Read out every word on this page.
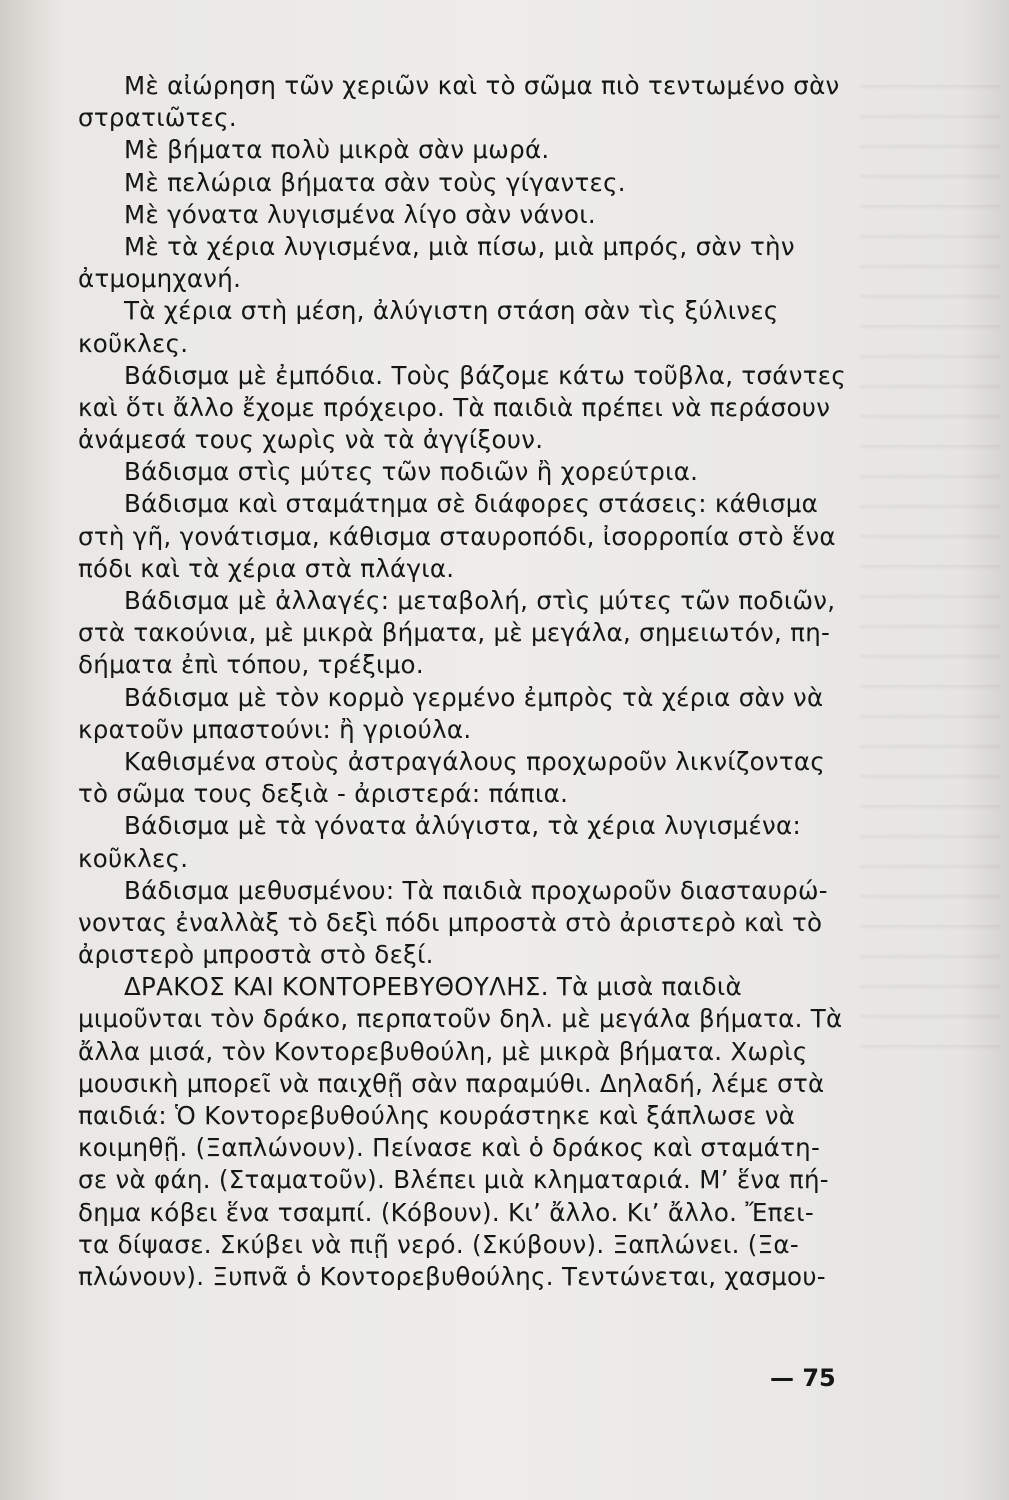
Μὲ αἰώρηση τῶν χεριῶν καὶ τὸ σῶμα πιὸ τεντωμένο σὰν
στρατιῶτες.
Μὲ βήματα πολὺ μικρὰ σὰν μωρά.
Μὲ πελώρια βήματα σὰν τοὺς γίγαντες.
Μὲ γόνατα λυγισμένα λίγο σὰν νάνοι.
Μὲ τὰ χέρια λυγισμένα, μιὰ πίσω, μιὰ μπρός, σὰν τὴν
ἀτμομηχανή.
Τὰ χέρια στὴ μέση, ἀλύγιστη στάση σὰν τὶς ξύλινες
κοῦκλες.
Βάδισμα μὲ ἐμπόδια. Τοὺς βάζομε κάτω τοῦβλα, τσάντες
καὶ ὅτι ἄλλο ἔχομε πρόχειρο. Τὰ παιδιὰ πρέπει νὰ περάσουν
ἀνάμεσά τους χωρὶς νὰ τὰ ἀγγίξουν.
Βάδισμα στὶς μύτες τῶν ποδιῶν ἢ χορεύτρια.
Βάδισμα καὶ σταμάτημα σὲ διάφορες στάσεις: κάθισμα
στὴ γῆ, γονάτισμα, κάθισμα σταυροπόδι, ἰσορροπία στὸ ἕνα
πόδι καὶ τὰ χέρια στὰ πλάγια.
Βάδισμα μὲ ἀλλαγές: μεταβολή, στὶς μύτες τῶν ποδιῶν,
στὰ τακούνια, μὲ μικρὰ βήματα, μὲ μεγάλα, σημειωτόν, πη-
δήματα ἐπὶ τόπου, τρέξιμο.
Βάδισμα μὲ τὸν κορμὸ γερμένο ἐμπρὸς τὰ χέρια σὰν νὰ
κρατοῦν μπαστούνι: ἢ γριούλα.
Καθισμένα στοὺς ἀστραγάλους προχωροῦν λικνίζοντας
τὸ σῶμα τους δεξιὰ - ἀριστερά: πάπια.
Βάδισμα μὲ τὰ γόνατα ἀλύγιστα, τὰ χέρια λυγισμένα:
κοῦκλες.
Βάδισμα μεθυσμένου: Τὰ παιδιὰ προχωροῦν διασταυρώ-
νοντας ἐναλλὰξ τὸ δεξὶ πόδι μπροστὰ στὸ ἀριστερὸ καὶ τὸ
ἀριστερὸ μπροστὰ στὸ δεξί.
ΔΡΑΚΟΣ ΚΑΙ ΚΟΝΤΟΡΕΒΥΘΟΥΛΗΣ. Τὰ μισὰ παιδιὰ
μιμοῦνται τὸν δράκο, περπατοῦν δηλ. μὲ μεγάλα βήματα. Τὰ
ἄλλα μισά, τὸν Κοντορεβυθούλη, μὲ μικρὰ βήματα. Χωρὶς
μουσικὴ μπορεῖ νὰ παιχθῇ σὰν παραμύθι. Δηλαδή, λέμε στὰ
παιδιά: Ὁ Κοντορεβυθούλης κουράστηκε καὶ ξάπλωσε νὰ
κοιμηθῇ. (Ξαπλώνουν). Πείνασε καὶ ὁ δράκος καὶ σταμάτη-
σε νὰ φάη. (Σταματοῦν). Βλέπει μιὰ κληματαριά. Μ’ ἕνα πή-
δημα κόβει ἕνα τσαμπί. (Κόβουν). Κι’ ἄλλο. Κι’ ἄλλο. Ἔπει-
τα δίψασε. Σκύβει νὰ πιῇ νερό. (Σκύβουν). Ξαπλώνει. (Ξα-
πλώνουν). Ξυπνᾶ ὁ Κοντορεβυθούλης. Τεντώνεται, χασμου-
— 75
